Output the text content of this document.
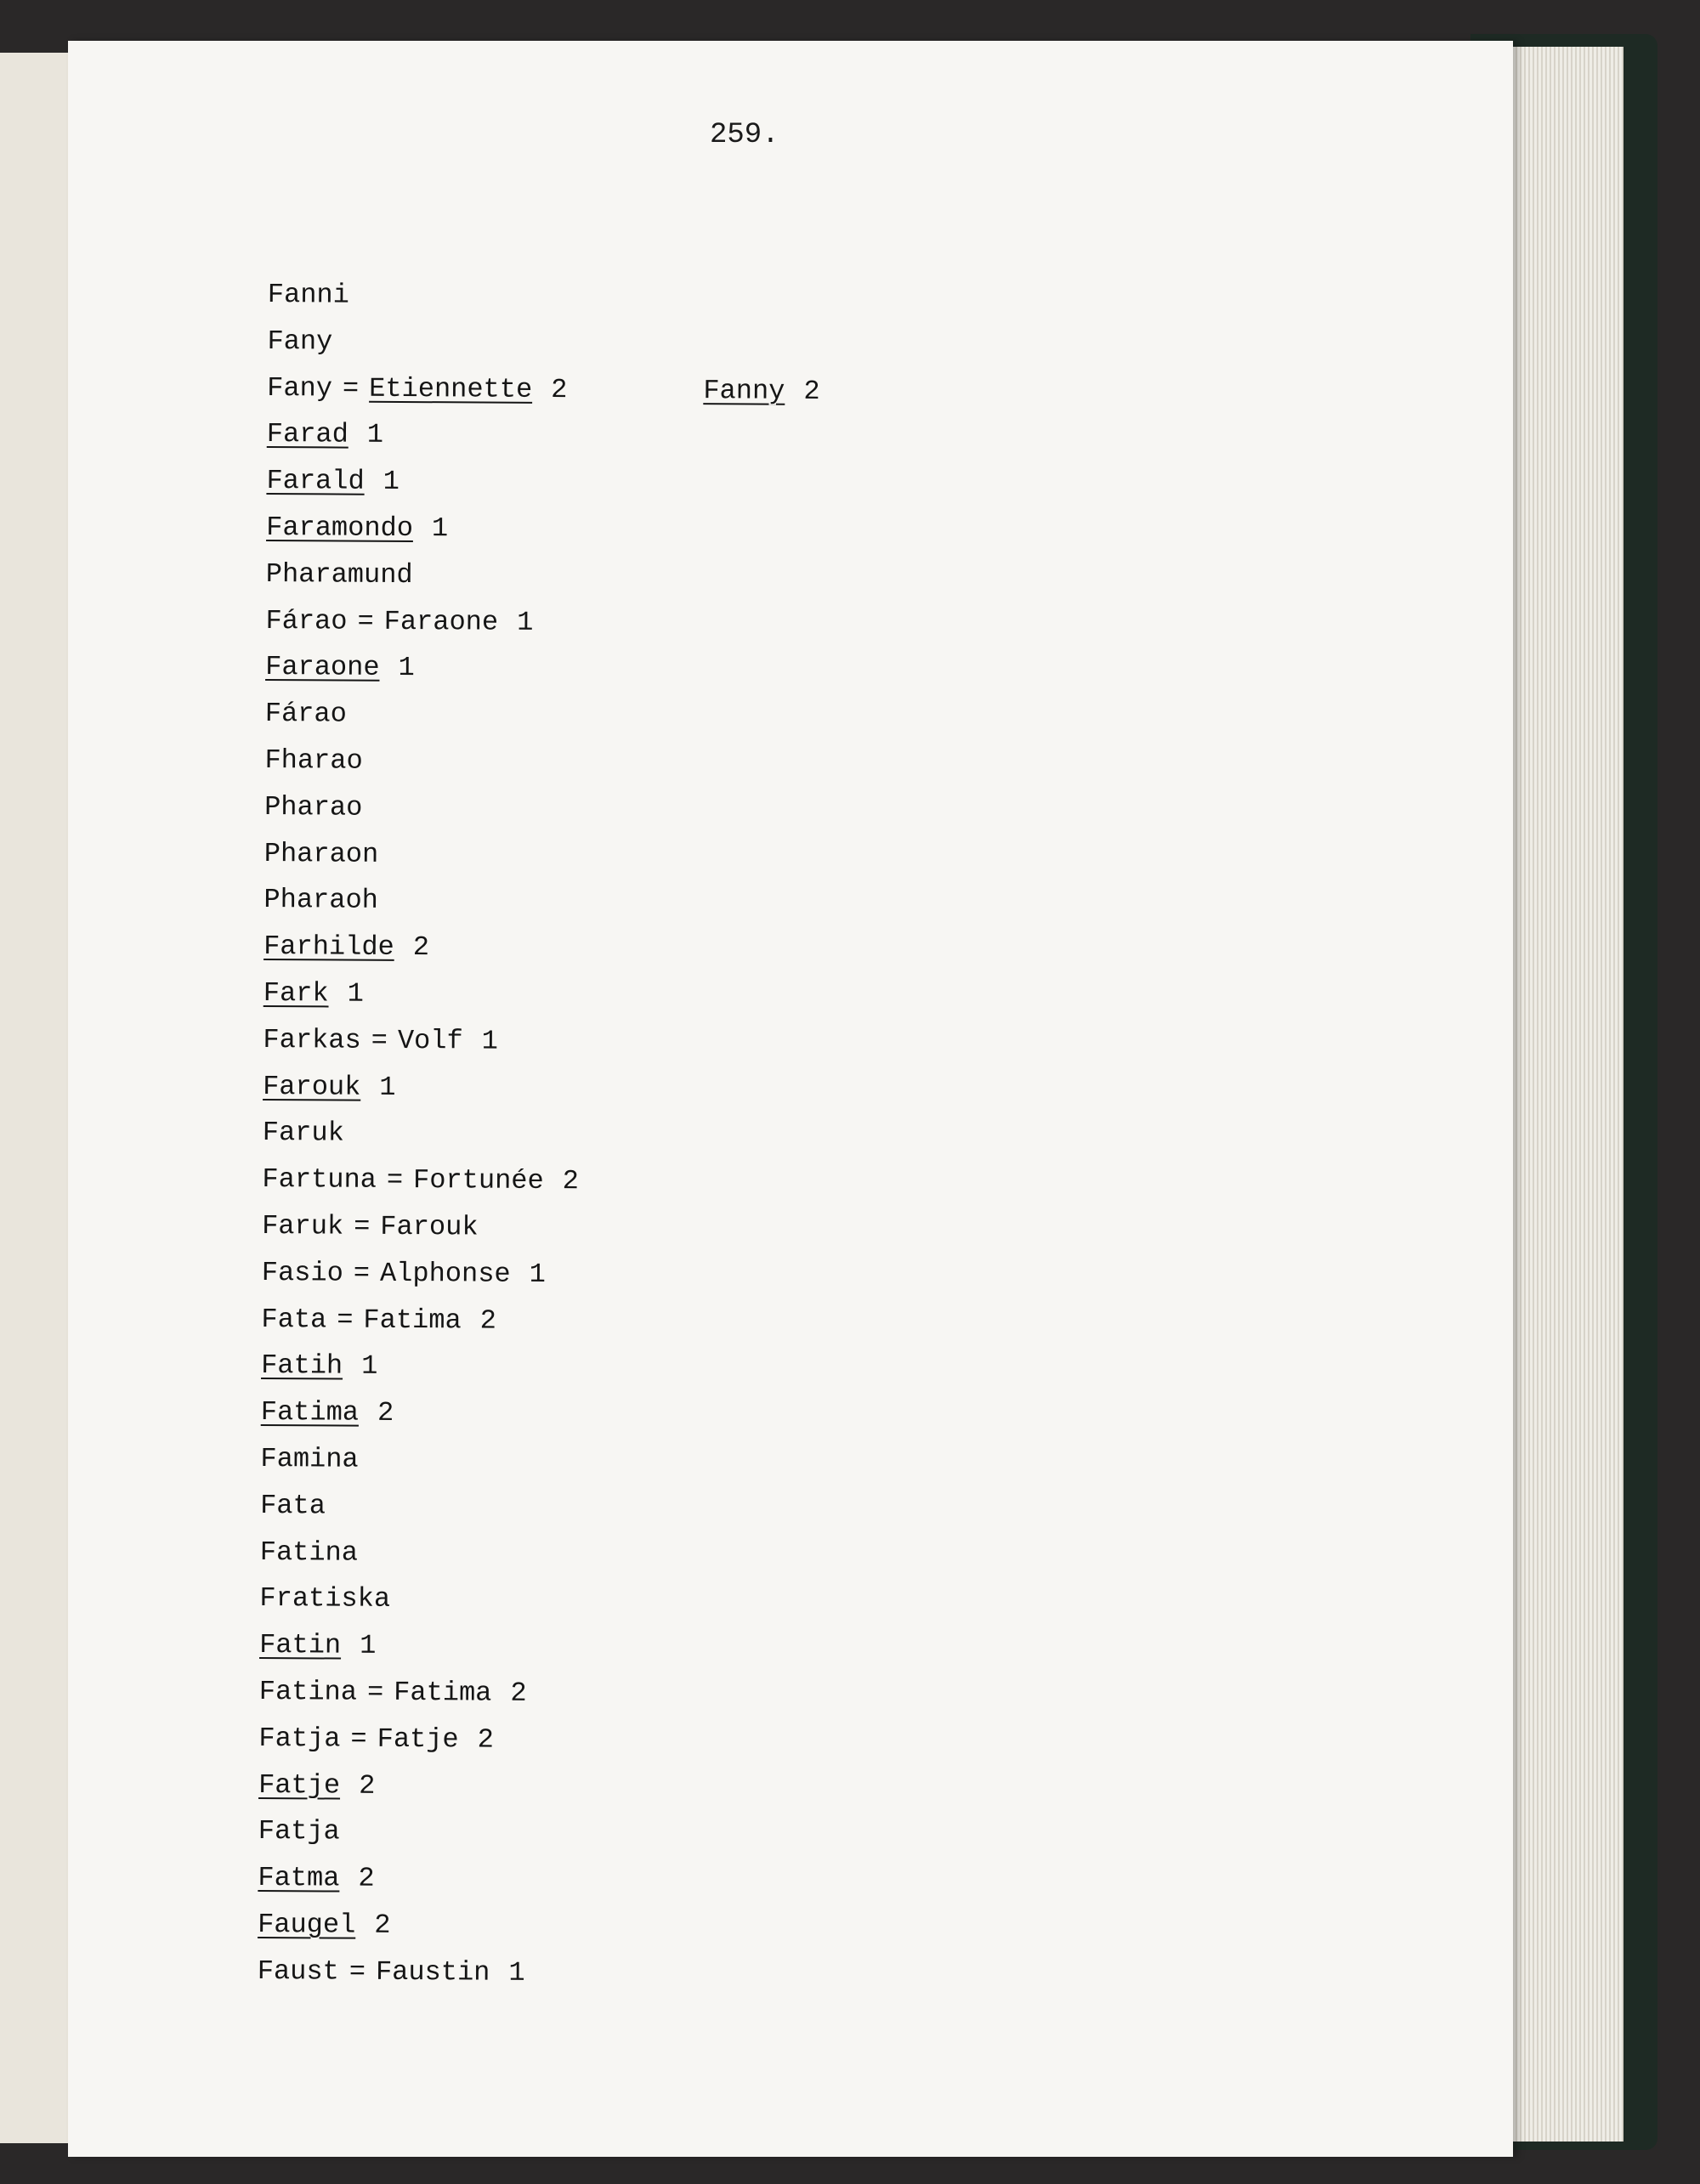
259.
Fanni
Fany
Fany = Etiennette 2	Fanny 2
Farad 1
Farald 1
Faramondo 1
Pharamund
Fárao = Faraone 1
Faraone 1
Fárao
Fharao
Pharao
Pharaon
Pharaoh
Farhilde 2
Fark 1
Farkas = Volf 1
Farouk 1
Faruk
Fartuna = Fortunée 2
Faruk = Farouk
Fasio = Alphonse 1
Fata = Fatima 2
Fatih 1
Fatima 2
Famina
Fata
Fatina
Fratiska
Fatin 1
Fatina = Fatima 2
Fatja = Fatje 2
Fatje 2
Fatja
Fatma 2
Faugel 2
Faust = Faustin 1
